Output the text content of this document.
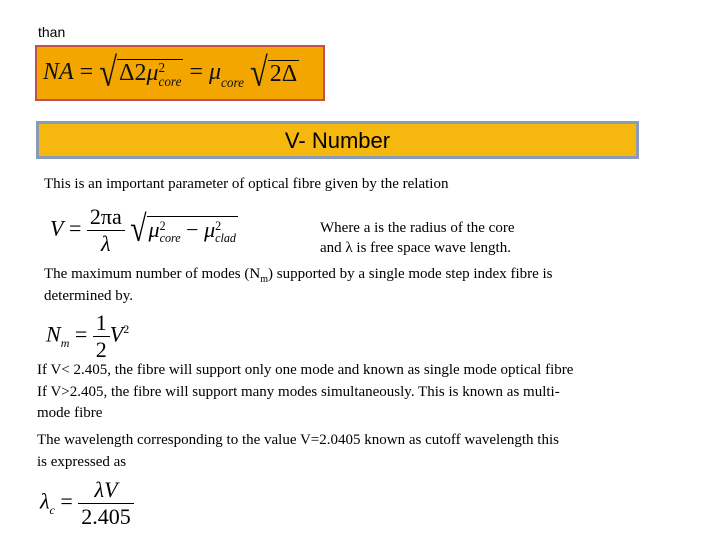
than
NA = √Δ2μ 2
core = μ core √2Δ
V- Number
This is an important parameter of optical fibre given by the relation
$V = \frac{2\pi a}{\lambda} √\mu$ 2
core − μ 2
clad
Where a is the radius of the core
and λ is free space wave length.
The maximum number of modes $(N_m)$ supported by a single mode step index fibre is
determined by.
$N_m = \frac{1}{2} V^2$
If V< 2.405, the fibre will support only one mode and known as single mode optical fibre
If V>2.405, the fibre will support many modes simultaneously. This is known as multi-
mode fibre
The wavelength corresponding to the value V=2.0405 known as cutoff wavelength this
is expressed as
$\lambda_c = \frac{\lambda V}{2.405}$
